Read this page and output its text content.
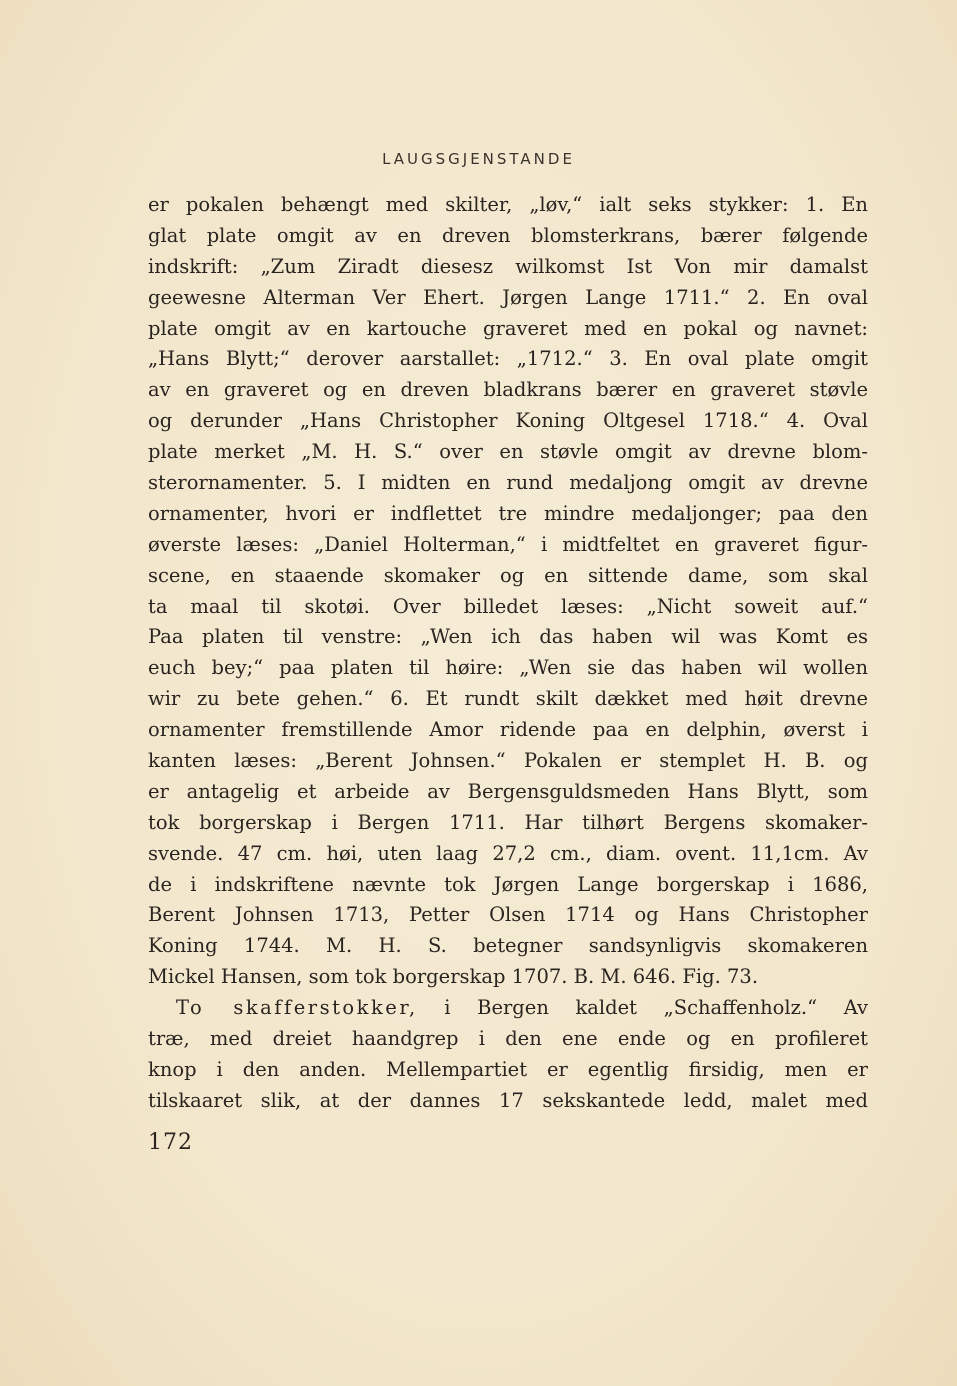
LAUGSGJENSTANDE
er pokalen behængt med skilter, „løv,“ ialt seks stykker: 1. En
glat plate omgit av en dreven blomsterkrans, bærer følgende
indskrift: „Zum Ziradt diesesz wilkomst Ist Von mir damalst
geewesne Alterman Ver Ehert. Jørgen Lange 1711.“ 2. En oval
plate omgit av en kartouche graveret med en pokal og navnet:
„Hans Blytt;“ derover aarstallet: „1712.“ 3. En oval plate omgit
av en graveret og en dreven bladkrans bærer en graveret støvle
og derunder „Hans Christopher Koning Oltgesel 1718.“ 4. Oval
plate merket „M. H. S.“ over en støvle omgit av drevne blom-
sterornamenter. 5. I midten en rund medaljong omgit av drevne
ornamenter, hvori er indflettet tre mindre medaljonger; paa den
øverste læses: „Daniel Holterman,“ i midtfeltet en graveret figur-
scene, en staaende skomaker og en sittende dame, som skal
ta maal til skotøi. Over billedet læses: „Nicht soweit auf.“
Paa platen til venstre: „Wen ich das haben wil was Komt es
euch bey;“ paa platen til høire: „Wen sie das haben wil wollen
wir zu bete gehen.“ 6. Et rundt skilt dækket med høit drevne
ornamenter fremstillende Amor ridende paa en delphin, øverst i
kanten læses: „Berent Johnsen.“ Pokalen er stemplet H. B. og
er antagelig et arbeide av Bergensguldsmeden Hans Blytt, som
tok borgerskap i Bergen 1711. Har tilhørt Bergens skomaker-
svende. 47 cm. høi, uten laag 27,2 cm., diam. ovent. 11,1cm. Av
de i indskriftene nævnte tok Jørgen Lange borgerskap i 1686,
Berent Johnsen 1713, Petter Olsen 1714 og Hans Christopher
Koning 1744. M. H. S. betegner sandsynligvis skomakeren
Mickel Hansen, som tok borgerskap 1707. B. M. 646. Fig. 73.
To skafferstokker, i Bergen kaldet „Schaffenholz.“ Av
træ, med dreiet haandgrep i den ene ende og en profileret
knop i den anden. Mellempartiet er egentlig firsidig, men er
tilskaaret slik, at der dannes 17 sekskantede ledd, malet med
172
